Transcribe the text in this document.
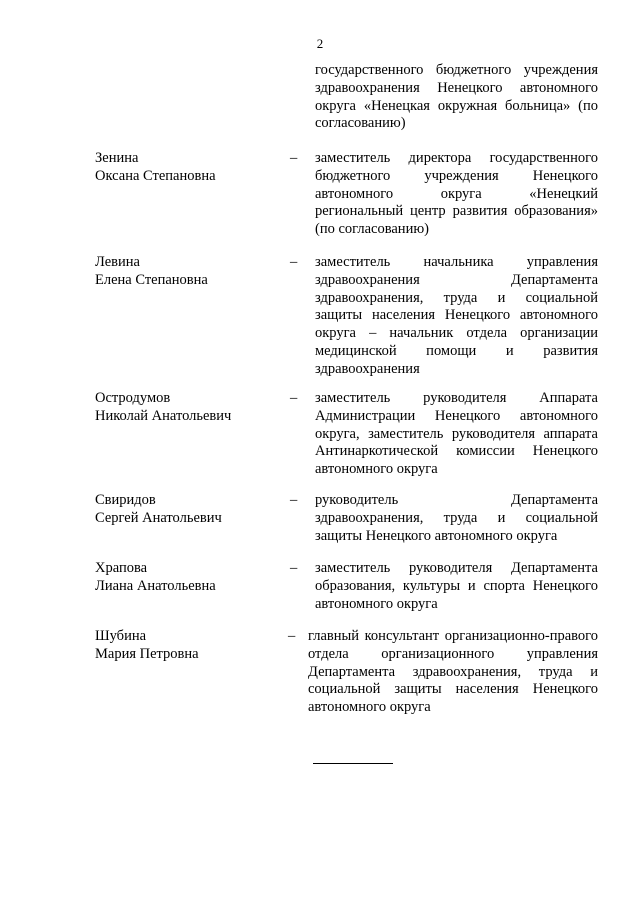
2
государственного бюджетного учреждения здравоохранения Ненецкого автономного округа «Ненецкая окружная больница» (по согласованию)
Зенина
Оксана Степановна
–	заместитель директора государственного бюджетного учреждения Ненецкого автономного округа «Ненецкий региональный центр развития образования» (по согласованию)
Левина
Елена Степановна
–	заместитель начальника управления здравоохранения Департамента здравоохранения, труда и социальной защиты населения Ненецкого автономного округа – начальник отдела организации медицинской помощи и развития здравоохранения
Остродумов
Николай Анатольевич
–	заместитель руководителя Аппарата Администрации Ненецкого автономного округа, заместитель руководителя аппарата Антинаркотической комиссии Ненецкого автономного округа
Свиридов
Сергей Анатольевич
–	руководитель Департамента здравоохранения, труда и социальной защиты Ненецкого автономного округа
Храпова
Лиана Анатольевна
–	заместитель руководителя Департамента образования, культуры и спорта Ненецкого автономного округа
Шубина
Мария Петровна
– главный консультант организационно-правого отдела организационного управления Департамента здравоохранения, труда и социальной защиты населения Ненецкого автономного округа
